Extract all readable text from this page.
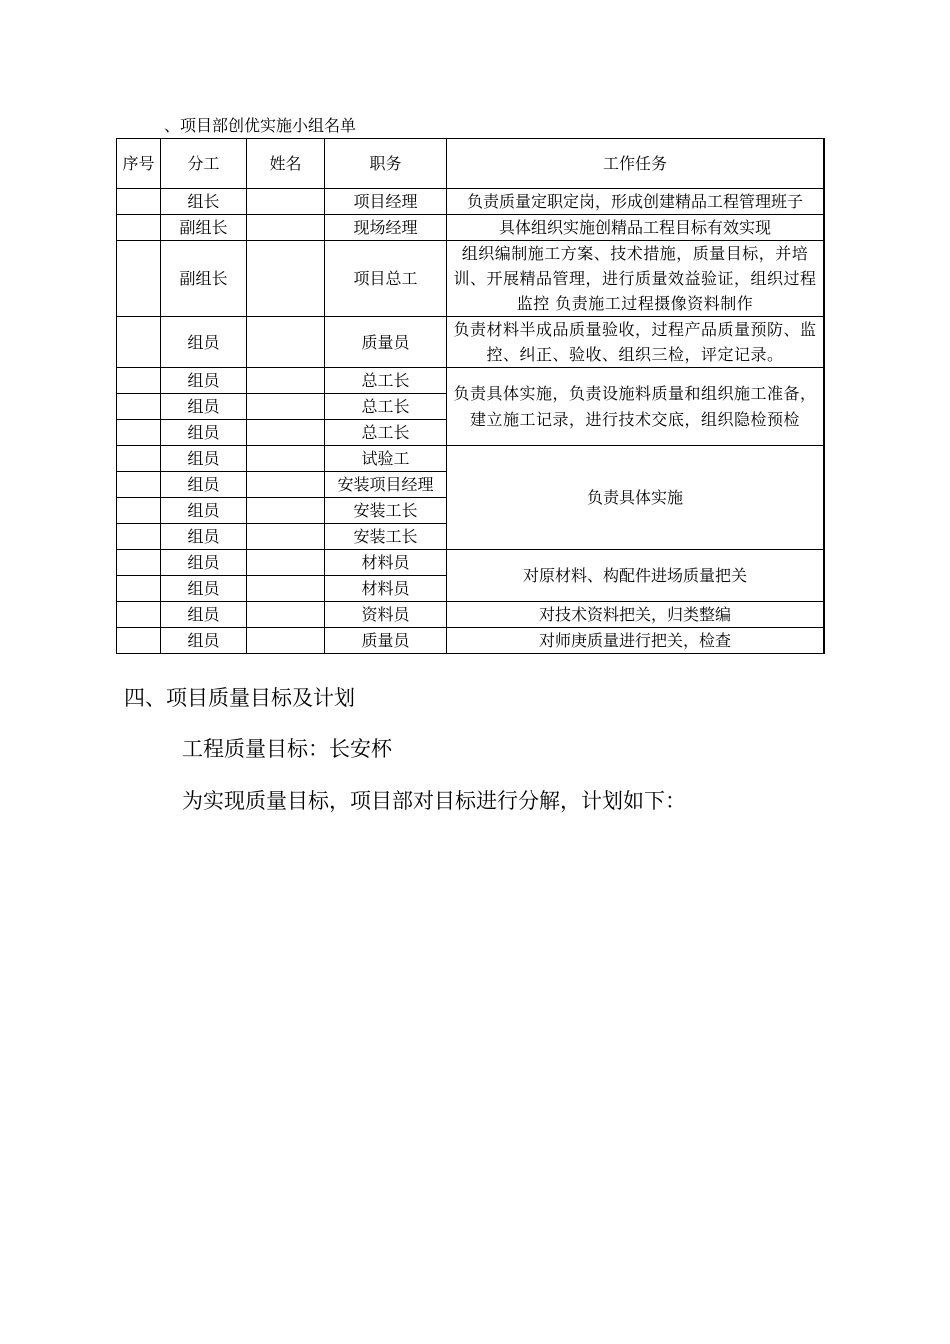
、项目部创优实施小组名单
序号	分工	姓名	职务	工作任务
	组长		项目经理	负责质量定职定岗，形成创建精品工程管理班子
	副组长		现场经理	具体组织实施创精品工程目标有效实现
	副组长		项目总工	组织编制施工方案、技术措施，质量目标，并培训、开展精品管理，进行质量效益验证，组织过程监控 负责施工过程摄像资料制作
	组员		质量员	负责材料半成品质量验收，过程产品质量预防、监控、纠正、验收、组织三检，评定记录。
	组员		总工长	负责具体实施，负责设施料质量和组织施工准备，建立施工记录，进行技术交底，组织隐检预检
	组员		总工长	
	组员		总工长	
	组员		试验工	负责具体实施
	组员		安装项目经理	
	组员		安装工长	
	组员		安装工长	
	组员		材料员	对原材料、构配件进场质量把关
	组员		材料员	
	组员		资料员	对技术资料把关，归类整编
	组员		质量员	对师庚质量进行把关，检查
四、项目质量目标及计划
工程质量目标：长安杯
为实现质量目标，项目部对目标进行分解，计划如下：
